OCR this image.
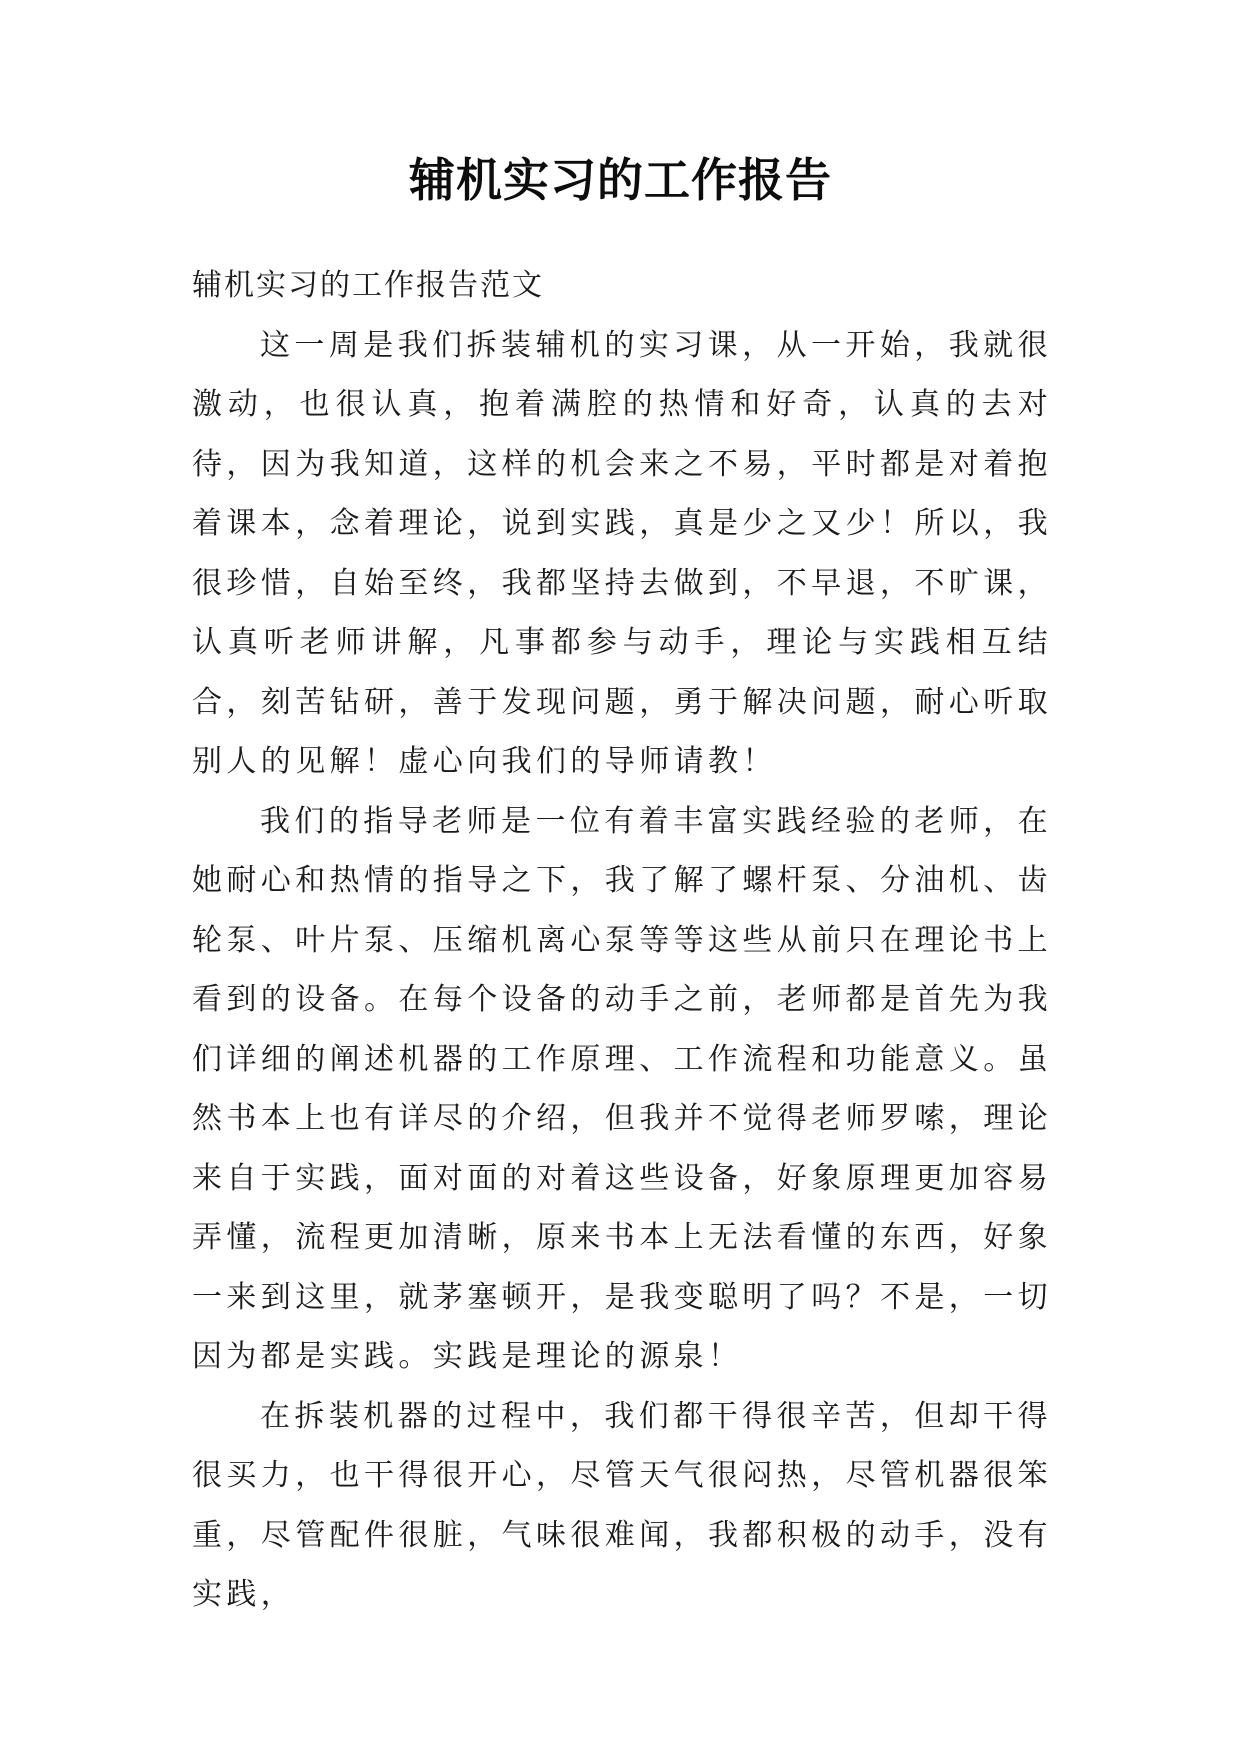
辅机实习的工作报告

辅机实习的工作报告范文

这一周是我们拆装辅机的实习课，从一开始，我就很激动，也很认真，抱着满腔的热情和好奇，认真的去对待，因为我知道，这样的机会来之不易，平时都是对着抱着课本，念着理论，说到实践，真是少之又少！所以，我很珍惜，自始至终，我都坚持去做到，不早退，不旷课，认真听老师讲解，凡事都参与动手，理论与实践相互结合，刻苦钻研，善于发现问题，勇于解决问题，耐心听取别人的见解！虚心向我们的导师请教！

我们的指导老师是一位有着丰富实践经验的老师，在她耐心和热情的指导之下，我了解了螺杆泵、分油机、齿轮泵、叶片泵、压缩机离心泵等等这些从前只在理论书上看到的设备。在每个设备的动手之前，老师都是首先为我们详细的阐述机器的工作原理、工作流程和功能意义。虽然书本上也有详尽的介绍，但我并不觉得老师罗嗦，理论来自于实践，面对面的对着这些设备，好象原理更加容易弄懂，流程更加清晰，原来书本上无法看懂的东西，好象一来到这里，就茅塞顿开，是我变聪明了吗？不是，一切因为都是实践。实践是理论的源泉！

在拆装机器的过程中，我们都干得很辛苦，但却干得很买力，也干得很开心，尽管天气很闷热，尽管机器很笨重，尽管配件很脏，气味很难闻，我都积极的动手，没有实践，
